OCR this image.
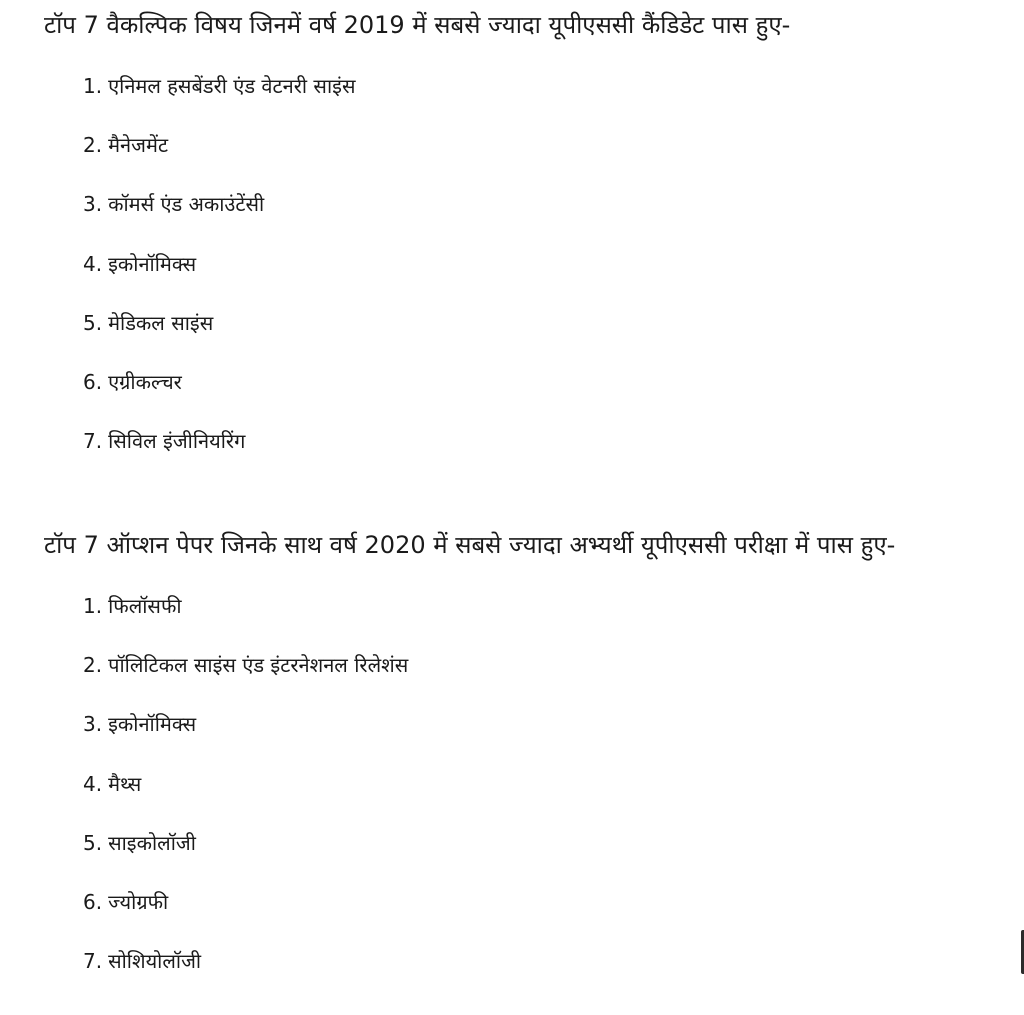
टॉप 7 वैकल्पिक विषय जिनमें वर्ष 2019 में सबसे ज्यादा यूपीएससी कैंडिडेट पास हुए-
1. एनिमल हसबेंडरी एंड वेटनरी साइंस
2. मैनेजमेंट
3. कॉमर्स एंड अकाउंटेंसी
4. इकोनॉमिक्स
5. मेडिकल साइंस
6. एग्रीकल्चर
7. सिविल इंजीनियरिंग
टॉप 7 ऑप्शन पेपर जिनके साथ वर्ष 2020 में सबसे ज्यादा अभ्यर्थी यूपीएससी परीक्षा में पास हुए-
1. फिलॉसफी
2. पॉलिटिकल साइंस एंड इंटरनेशनल रिलेशंस
3. इकोनॉमिक्स
4. मैथ्स
5. साइकोलॉजी
6. ज्योग्रफी
7. सोशियोलॉजी
